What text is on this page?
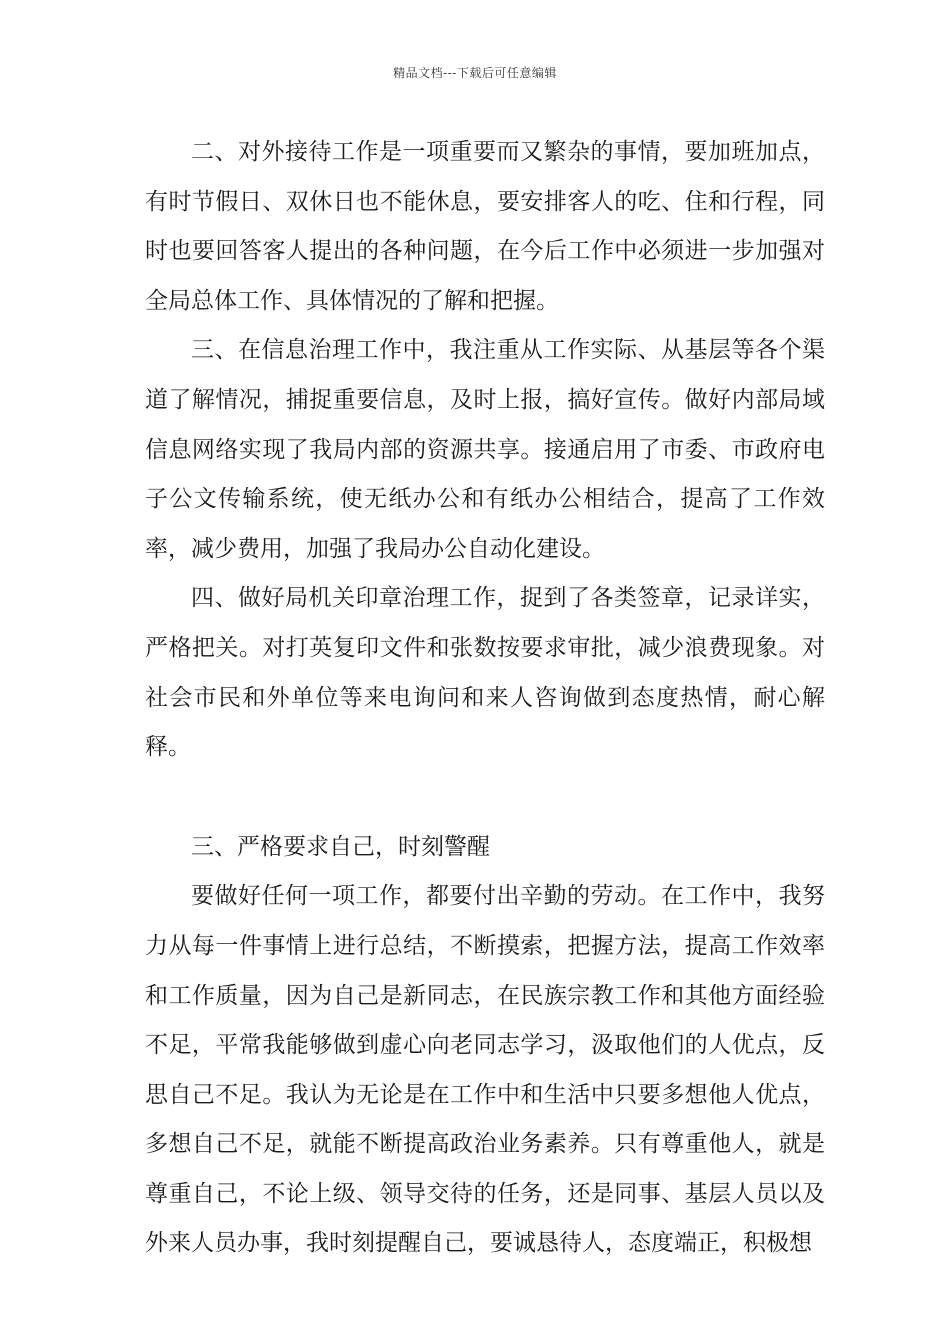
精品文档---下载后可任意编辑

二、对外接待工作是一项重要而又繁杂的事情，要加班加点，有时节假日、双休日也不能休息，要安排客人的吃、住和行程，同时也要回答客人提出的各种问题，在今后工作中必须进一步加强对全局总体工作、具体情况的了解和把握。

三、在信息治理工作中，我注重从工作实际、从基层等各个渠道了解情况，捕捉重要信息，及时上报，搞好宣传。做好内部局域信息网络实现了我局内部的资源共享。接通启用了市委、市政府电子公文传输系统，使无纸办公和有纸办公相结合，提高了工作效率，减少费用，加强了我局办公自动化建设。

四、做好局机关印章治理工作，捉到了各类签章，记录详实，严格把关。对打英复印文件和张数按要求审批，减少浪费现象。对社会市民和外单位等来电询问和来人咨询做到态度热情，耐心解释。

三、严格要求自己，时刻警醒

要做好任何一项工作，都要付出辛勤的劳动。在工作中，我努力从每一件事情上进行总结，不断摸索，把握方法，提高工作效率和工作质量，因为自己是新同志，在民族宗教工作和其他方面经验不足，平常我能够做到虚心向老同志学习，汲取他们的人优点，反思自己不足。我认为无论是在工作中和生活中只要多想他人优点，多想自己不足，就能不断提高政治业务素养。只有尊重他人，就是尊重自己，不论上级、领导交待的任务，还是同事、基层人员以及外来人员办事，我时刻提醒自己，要诚恳待人，态度端正，积极想
